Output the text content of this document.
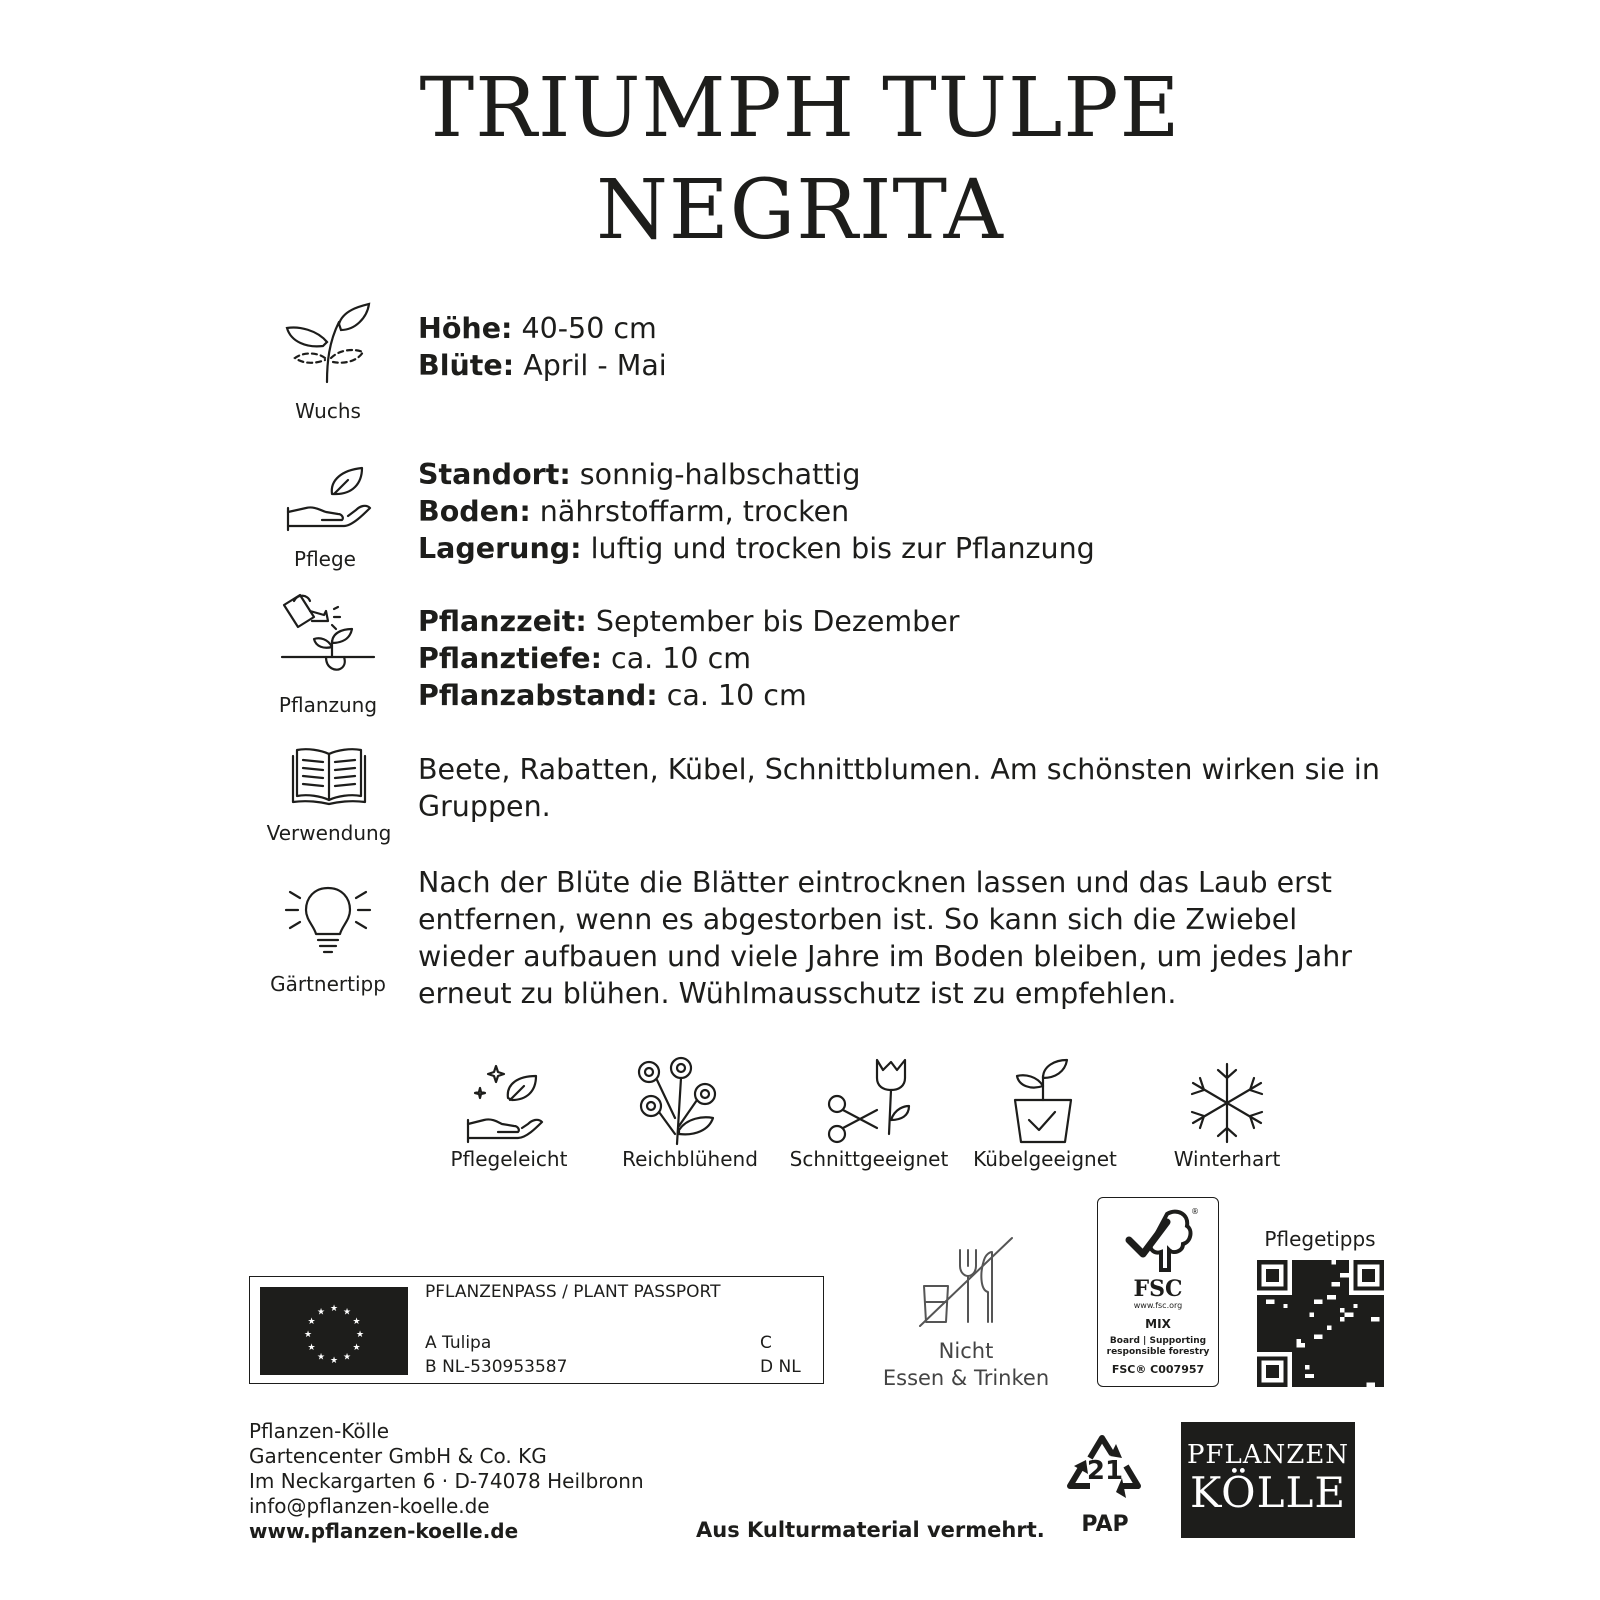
TRIUMPH TULPE
NEGRITA
Wuchs
Höhe: 40-50 cm
Blüte: April - Mai
Pflege
Standort: sonnig-halbschattig
Boden: nährstoffarm, trocken
Lagerung: luftig und trocken bis zur Pflanzung
Pflanzung
Pflanzzeit: September bis Dezember
Pflanztiefe: ca. 10 cm
Pflanzabstand: ca. 10 cm
Verwendung
Beete, Rabatten, Kübel, Schnittblumen. Am schönsten wirken sie in
Gruppen.
Gärtnertipp
Nach der Blüte die Blätter eintrocknen lassen und das Laub erst
entfernen, wenn es abgestorben ist. So kann sich die Zwiebel
wieder aufbauen und viele Jahre im Boden bleiben, um jedes Jahr
erneut zu blühen. Wühlmausschutz ist zu empfehlen.
Pflegeleicht	Reichblühend	Schnittgeeignet	Kübelgeeignet	Winterhart
★ ★
★
★
★
★
★
★
★
★
★
★
PFLANZENPASS / PLANT PASSPORT
A Tulipa
B NL-530953587
C
D NL
Nicht
Essen & Trinken
®
FSC
www.fsc.org
MIX
Board | Supporting
responsible forestry
FSC® C007957
Pflegetipps
Pflanzen-Kölle
Gartencenter GmbH & Co. KG
Im Neckargarten 6 · D-74078 Heilbronn
info@pflanzen-koelle.de
www.pflanzen-koelle.de	Aus Kulturmaterial vermehrt.
21
PAP
PFLANZEN
KÖLLE
